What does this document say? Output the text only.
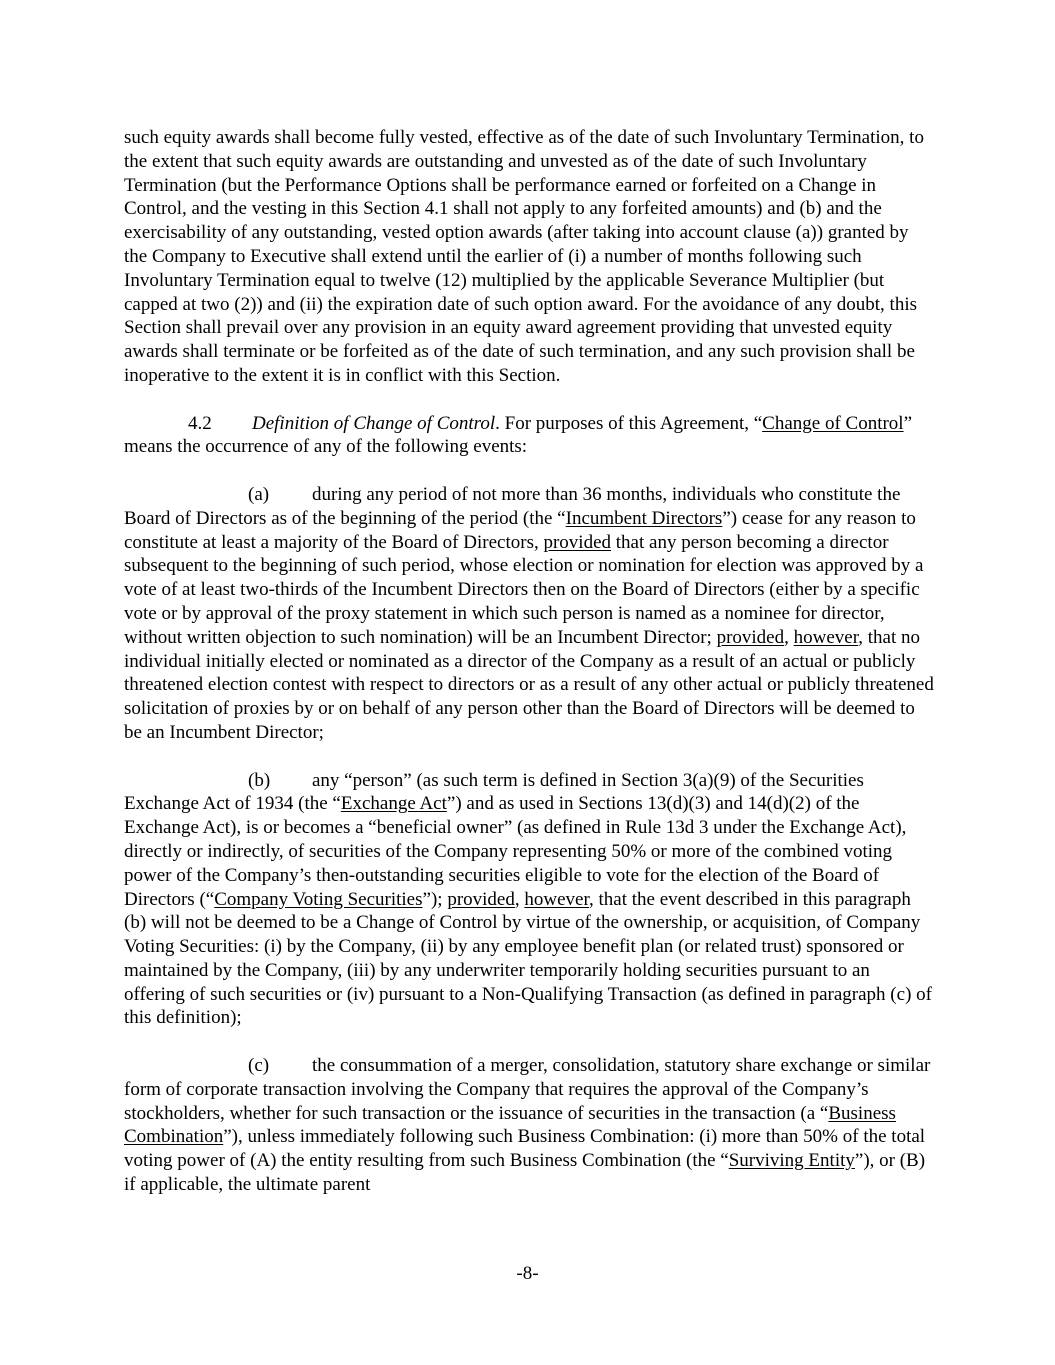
such equity awards shall become fully vested, effective as of the date of such Involuntary Termination, to the extent that such equity awards are outstanding and unvested as of the date of such Involuntary Termination (but the Performance Options shall be performance earned or forfeited on a Change in Control, and the vesting in this Section 4.1 shall not apply to any forfeited amounts) and (b) and the exercisability of any outstanding, vested option awards (after taking into account clause (a)) granted by the Company to Executive shall extend until the earlier of (i) a number of months following such Involuntary Termination equal to twelve (12) multiplied by the applicable Severance Multiplier (but capped at two (2)) and (ii) the expiration date of such option award. For the avoidance of any doubt, this Section shall prevail over any provision in an equity award agreement providing that unvested equity awards shall terminate or be forfeited as of the date of such termination, and any such provision shall be inoperative to the extent it is in conflict with this Section.

4.2 Definition of Change of Control. For purposes of this Agreement, “Change of Control” means the occurrence of any of the following events:

(a) during any period of not more than 36 months, individuals who constitute the Board of Directors as of the beginning of the period (the “Incumbent Directors”) cease for any reason to constitute at least a majority of the Board of Directors, provided that any person becoming a director subsequent to the beginning of such period, whose election or nomination for election was approved by a vote of at least two-thirds of the Incumbent Directors then on the Board of Directors (either by a specific vote or by approval of the proxy statement in which such person is named as a nominee for director, without written objection to such nomination) will be an Incumbent Director; provided, however, that no individual initially elected or nominated as a director of the Company as a result of an actual or publicly threatened election contest with respect to directors or as a result of any other actual or publicly threatened solicitation of proxies by or on behalf of any person other than the Board of Directors will be deemed to be an Incumbent Director;

(b) any “person” (as such term is defined in Section 3(a)(9) of the Securities Exchange Act of 1934 (the “Exchange Act”) and as used in Sections 13(d)(3) and 14(d)(2) of the Exchange Act), is or becomes a “beneficial owner” (as defined in Rule 13d 3 under the Exchange Act), directly or indirectly, of securities of the Company representing 50% or more of the combined voting power of the Company’s then-outstanding securities eligible to vote for the election of the Board of Directors (“Company Voting Securities”); provided, however, that the event described in this paragraph (b) will not be deemed to be a Change of Control by virtue of the ownership, or acquisition, of Company Voting Securities: (i) by the Company, (ii) by any employee benefit plan (or related trust) sponsored or maintained by the Company, (iii) by any underwriter temporarily holding securities pursuant to an offering of such securities or (iv) pursuant to a Non-Qualifying Transaction (as defined in paragraph (c) of this definition);

(c) the consummation of a merger, consolidation, statutory share exchange or similar form of corporate transaction involving the Company that requires the approval of the Company’s stockholders, whether for such transaction or the issuance of securities in the transaction (a “Business Combination”), unless immediately following such Business Combination: (i) more than 50% of the total voting power of (A) the entity resulting from such Business Combination (the “Surviving Entity”), or (B) if applicable, the ultimate parent

-8-
